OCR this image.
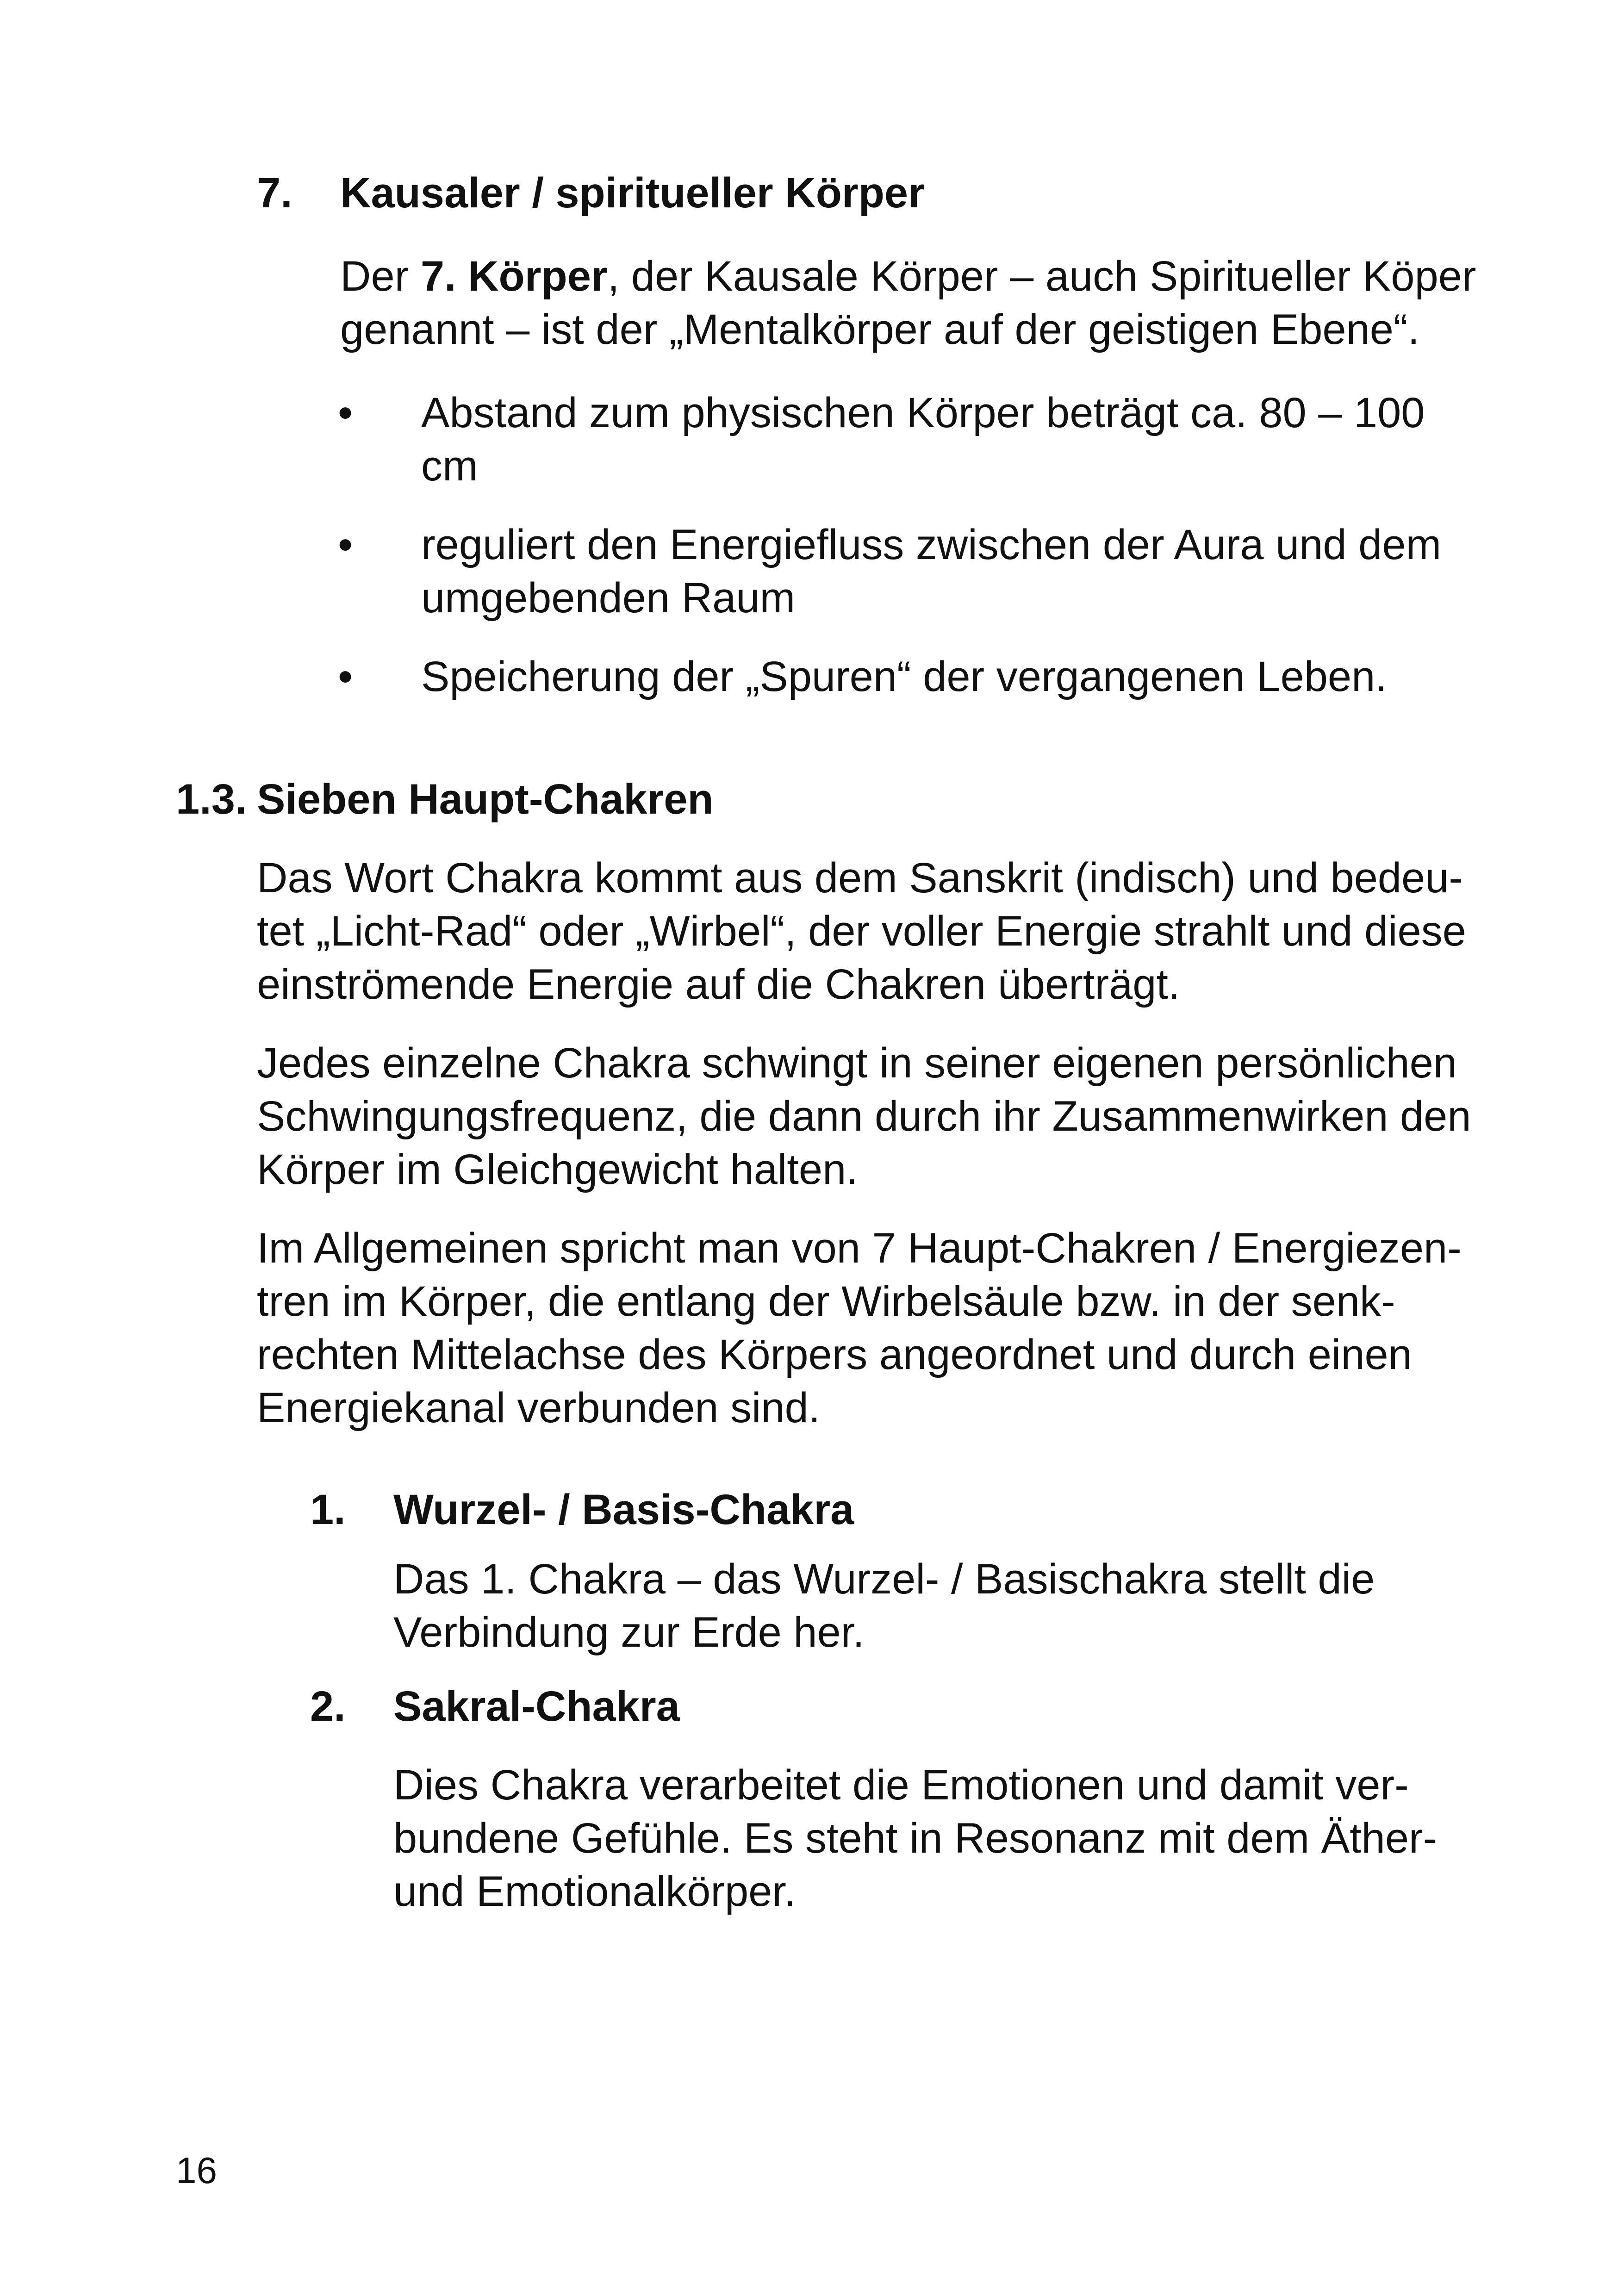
7. Kausaler / spiritueller Körper
Der 7. Körper, der Kausale Körper – auch Spiritueller Köper
genannt – ist der „Mentalkörper auf der geistigen Ebene“.
• Abstand zum physischen Körper beträgt ca. 80 – 100
cm
• reguliert den Energiefluss zwischen der Aura und dem
umgebenden Raum
• Speicherung der „Spuren“ der vergangenen Leben.
1.3. Sieben Haupt-Chakren
Das Wort Chakra kommt aus dem Sanskrit (indisch) und bedeu-
tet „Licht-Rad“ oder „Wirbel“, der voller Energie strahlt und diese
einströmende Energie auf die Chakren überträgt.
Jedes einzelne Chakra schwingt in seiner eigenen persönlichen
Schwingungsfrequenz, die dann durch ihr Zusammenwirken den
Körper im Gleichgewicht halten.
Im Allgemeinen spricht man von 7 Haupt-Chakren / Energiezen-
tren im Körper, die entlang der Wirbelsäule bzw. in der senk-
rechten Mittelachse des Körpers angeordnet und durch einen
Energiekanal verbunden sind.
1. Wurzel- / Basis-Chakra
Das 1. Chakra – das Wurzel- / Basischakra stellt die
Verbindung zur Erde her.
2. Sakral-Chakra
Dies Chakra verarbeitet die Emotionen und damit ver-
bundene Gefühle. Es steht in Resonanz mit dem Äther-
und Emotionalkörper.
16
